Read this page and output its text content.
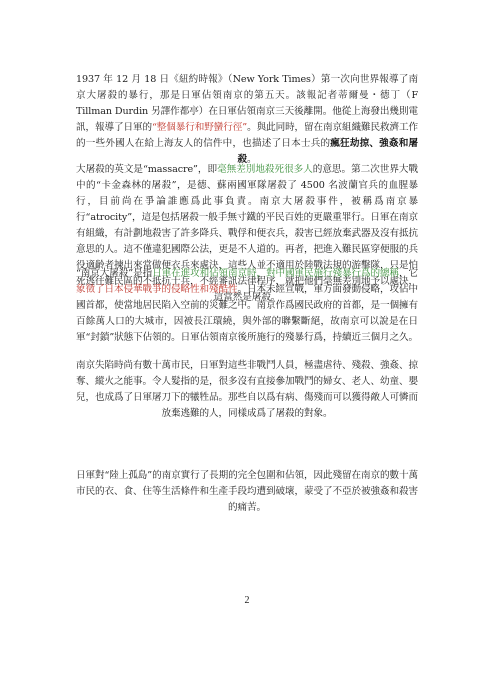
1937 年 12 月 18 日《紐約時報》（New York Times）第一次向世界報導了南京大屠殺的暴行，那是日軍佔領南京的第五天。該報記者蒂爾曼・德丁（F Tillman Durdin 另譯作都亭）在日軍佔領南京三天後離開。他從上海發出幾則電訊，報導了日軍的“整個暴行和野蠻行徑”。與此同時，留在南京組織難民救濟工作的一些外國人在給上海友人的信件中，也描述了日本士兵的瘋狂劫掠、強姦和屠殺。

大屠殺的英文是“massacre”，即毫無差別地殺死很多人的意思。第二次世界大戰中的“卡金森林的屠殺”，是德、蘇兩國軍隊屠殺了 4500 名波蘭官兵的血腥暴行，目前尚在爭論誰應爲此事負責。南京大屠殺事件，被稱爲南京暴行“atrocity”，這是包括屠殺一般手無寸鐵的平民百姓的更嚴重罪行。日軍在南京有組織，有計劃地殺害了許多降兵、戰俘和便衣兵，殺害已經放棄武器及沒有抵抗意思的人。這不僅違犯國際公法，更是不人道的。再者，把進入難民區穿便服的兵役適齡者揀出來當做便衣兵來處決，這些人並不適用於陸戰法規的游擊隊，只是怕死逃往難民區的不抵抗士兵，不經審訊法律程序，就把他們毫無差別地予以處決，這當然是屠殺。

“南京大屠殺”是指日軍在進攻和佔領南京時，對中國軍民施行殘暴行爲的總稱，它象徵了日本侵華戰爭的侵略性和殘酷性。日本未經宣戰，軍方面發動侵略，攻佔中國首都，使當地居民陷入空前的災難之中。南京作爲國民政府的首都，是一個擁有百餘萬人口的大城市，因被長江環繞，與外部的聯繫斷絕，故南京可以說是在日軍“封鎖”狀態下佔領的。日軍佔領南京後所施行的殘暴行爲，持續近三個月之久。

南京失陷時尚有數十萬市民，日軍對這些非戰鬥人員，極盡虐待、殘殺、強姦、掠奪、縱火之能事。令人髮指的是，很多沒有直接參加戰鬥的婦女、老人、幼童、嬰兒，也成爲了日軍屠刀下的犧牲品。那些自以爲有病、傷殘而可以獲得敵人可憐而放棄逃難的人，同樣成爲了屠殺的對象。

日軍對“陸上孤島”的南京實行了長期的完全包圍和佔領，因此殘留在南京的數十萬市民的衣、食、住等生活條件和生產手段均遭到破壞，蒙受了不亞於被強姦和殺害的痛苦。

2
